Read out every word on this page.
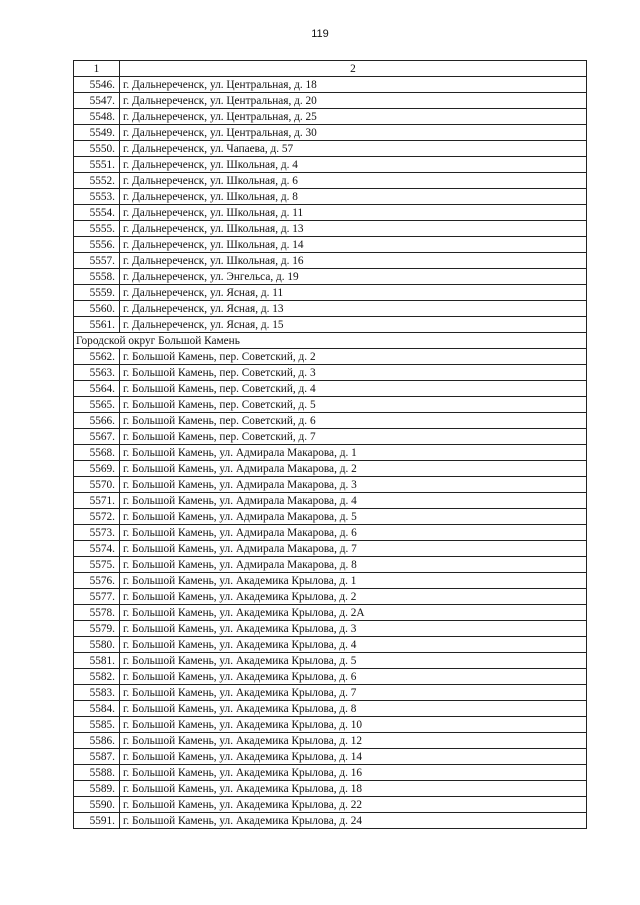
119
1	2
5546.	г. Дальнереченск, ул. Центральная, д. 18
5547.	г. Дальнереченск, ул. Центральная, д. 20
5548.	г. Дальнереченск, ул. Центральная, д. 25
5549.	г. Дальнереченск, ул. Центральная, д. 30
5550.	г. Дальнереченск, ул. Чапаева, д. 57
5551.	г. Дальнереченск, ул. Школьная, д. 4
5552.	г. Дальнереченск, ул. Школьная, д. 6
5553.	г. Дальнереченск, ул. Школьная, д. 8
5554.	г. Дальнереченск, ул. Школьная, д. 11
5555.	г. Дальнереченск, ул. Школьная, д. 13
5556.	г. Дальнереченск, ул. Школьная, д. 14
5557.	г. Дальнереченск, ул. Школьная, д. 16
5558.	г. Дальнереченск, ул. Энгельса, д. 19
5559.	г. Дальнереченск, ул. Ясная, д. 11
5560.	г. Дальнереченск, ул. Ясная, д. 13
5561.	г. Дальнереченск, ул. Ясная, д. 15
Городской округ Большой Камень	
5562.	г. Большой Камень, пер. Советский, д. 2
5563.	г. Большой Камень, пер. Советский, д. 3
5564.	г. Большой Камень, пер. Советский, д. 4
5565.	г. Большой Камень, пер. Советский, д. 5
5566.	г. Большой Камень, пер. Советский, д. 6
5567.	г. Большой Камень, пер. Советский, д. 7
5568.	г. Большой Камень, ул. Адмирала Макарова, д. 1
5569.	г. Большой Камень, ул. Адмирала Макарова, д. 2
5570.	г. Большой Камень, ул. Адмирала Макарова, д. 3
5571.	г. Большой Камень, ул. Адмирала Макарова, д. 4
5572.	г. Большой Камень, ул. Адмирала Макарова, д. 5
5573.	г. Большой Камень, ул. Адмирала Макарова, д. 6
5574.	г. Большой Камень, ул. Адмирала Макарова, д. 7
5575.	г. Большой Камень, ул. Адмирала Макарова, д. 8
5576.	г. Большой Камень, ул. Академика Крылова, д. 1
5577.	г. Большой Камень, ул. Академика Крылова, д. 2
5578.	г. Большой Камень, ул. Академика Крылова, д. 2А
5579.	г. Большой Камень, ул. Академика Крылова, д. 3
5580.	г. Большой Камень, ул. Академика Крылова, д. 4
5581.	г. Большой Камень, ул. Академика Крылова, д. 5
5582.	г. Большой Камень, ул. Академика Крылова, д. 6
5583.	г. Большой Камень, ул. Академика Крылова, д. 7
5584.	г. Большой Камень, ул. Академика Крылова, д. 8
5585.	г. Большой Камень, ул. Академика Крылова, д. 10
5586.	г. Большой Камень, ул. Академика Крылова, д. 12
5587.	г. Большой Камень, ул. Академика Крылова, д. 14
5588.	г. Большой Камень, ул. Академика Крылова, д. 16
5589.	г. Большой Камень, ул. Академика Крылова, д. 18
5590.	г. Большой Камень, ул. Академика Крылова, д. 22
5591.	г. Большой Камень, ул. Академика Крылова, д. 24
